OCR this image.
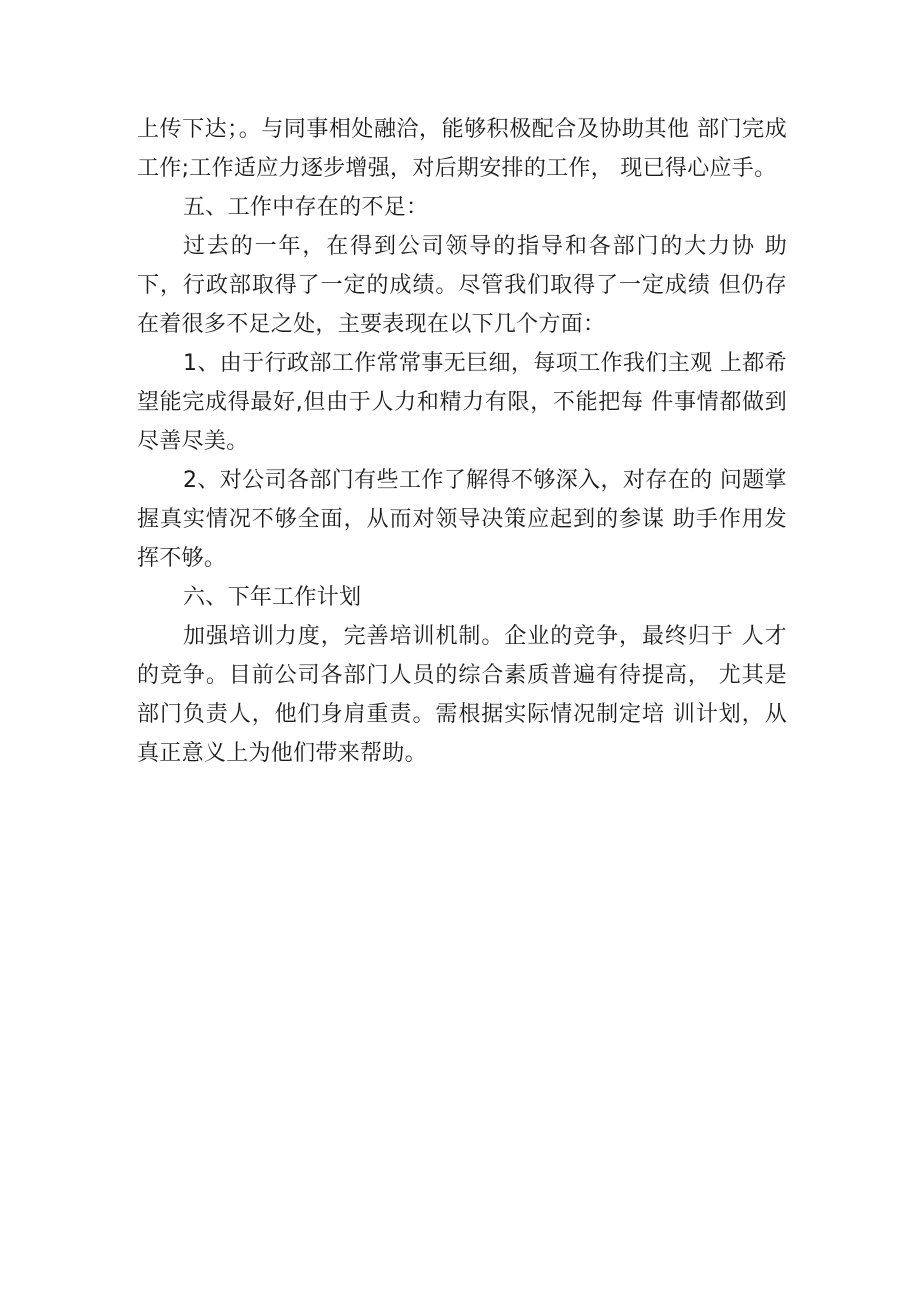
上传下达；。与同事相处融洽，能够积极配合及协助其他 部门完成工作;工作适应力逐步增强，对后期安排的工作， 现已得心应手。

五、工作中存在的不足：

过去的一年，在得到公司领导的指导和各部门的大力协 助下，行政部取得了一定的成绩。尽管我们取得了一定成绩 但仍存在着很多不足之处，主要表现在以下几个方面：

1、由于行政部工作常常事无巨细，每项工作我们主观 上都希望能完成得最好,但由于人力和精力有限，不能把每 件事情都做到尽善尽美。

2、对公司各部门有些工作了解得不够深入，对存在的 问题掌握真实情况不够全面，从而对领导决策应起到的参谋 助手作用发挥不够。

六、下年工作计划

加强培训力度，完善培训机制。企业的竞争，最终归于 人才的竞争。目前公司各部门人员的综合素质普遍有待提高， 尤其是部门负责人，他们身肩重责。需根据实际情况制定培 训计划，从真正意义上为他们带来帮助。
